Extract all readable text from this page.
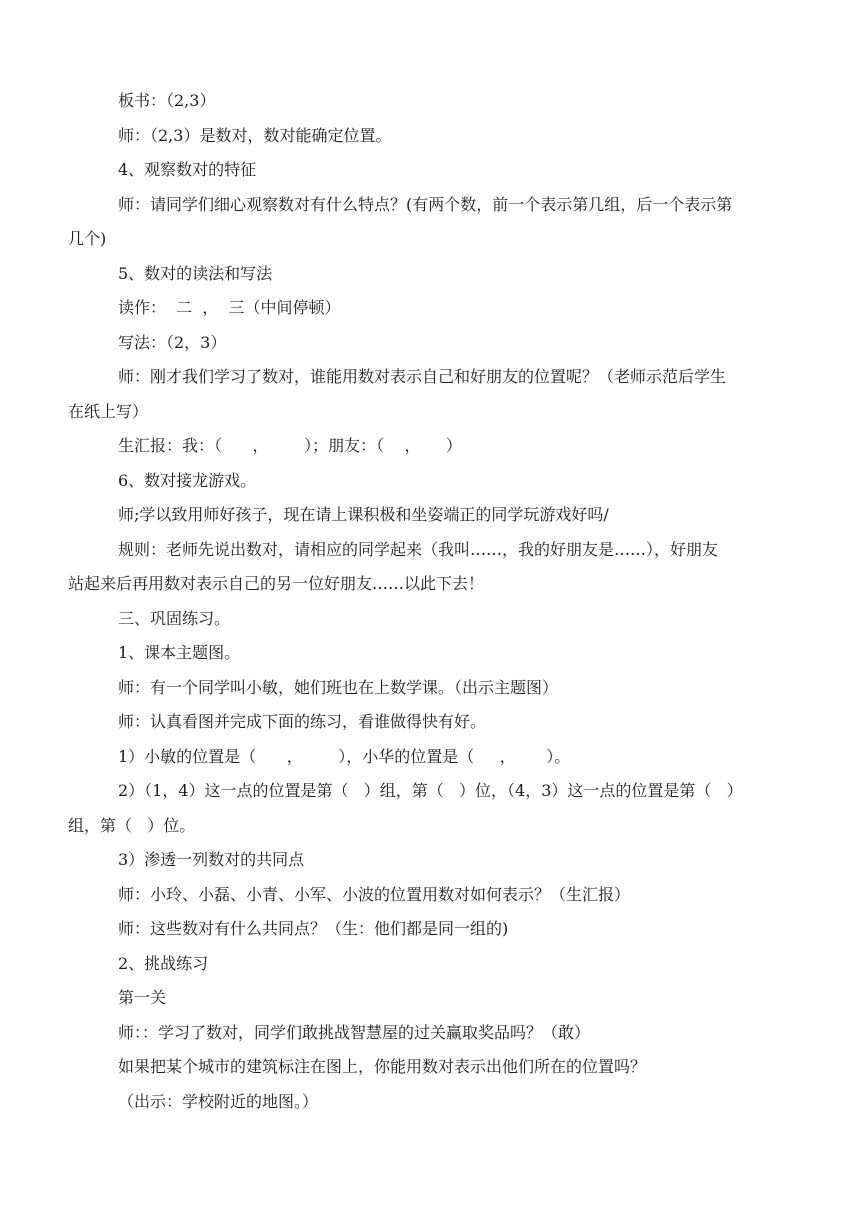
板书：（2,3）
师：（2,3）是数对，数对能确定位置。
4、观察数对的特征
师：请同学们细心观察数对有什么特点？(有两个数，前一个表示第几组，后一个表示第
几个)
5、数对的读法和写法
读作：  二  ，  三（中间停顿）
写法：（2，3）
师：刚才我们学习了数对，谁能用数对表示自己和好朋友的位置呢？（老师示范后学生
在纸上写）
生汇报：我：（      ，       ）；朋友：（    ，     ）
6、数对接龙游戏。
师;学以致用师好孩子，现在请上课积极和坐姿端正的同学玩游戏好吗/
规则：老师先说出数对，请相应的同学起来（我叫……，我的好朋友是……），好朋友
站起来后再用数对表示自己的另一位好朋友……以此下去！
三、巩固练习。
1、课本主题图。
师：有一个同学叫小敏，她们班也在上数学课。（出示主题图）
师：认真看图并完成下面的练习，看谁做得快有好。
1）小敏的位置是（      ，       ），小华的位置是（     ，      ）。
2）（1，4）这一点的位置是第（   ）组，第（   ）位，（4，3）这一点的位置是第（   ）
组，第（   ）位。
3）渗透一列数对的共同点
师：小玲、小磊、小青、小军、小波的位置用数对如何表示？（生汇报）
师：这些数对有什么共同点？（生：他们都是同一组的)
2、挑战练习
第一关
师：：学习了数对，同学们敢挑战智慧屋的过关赢取奖品吗？（敢）
如果把某个城市的建筑标注在图上，你能用数对表示出他们所在的位置吗？
（出示：学校附近的地图。）
